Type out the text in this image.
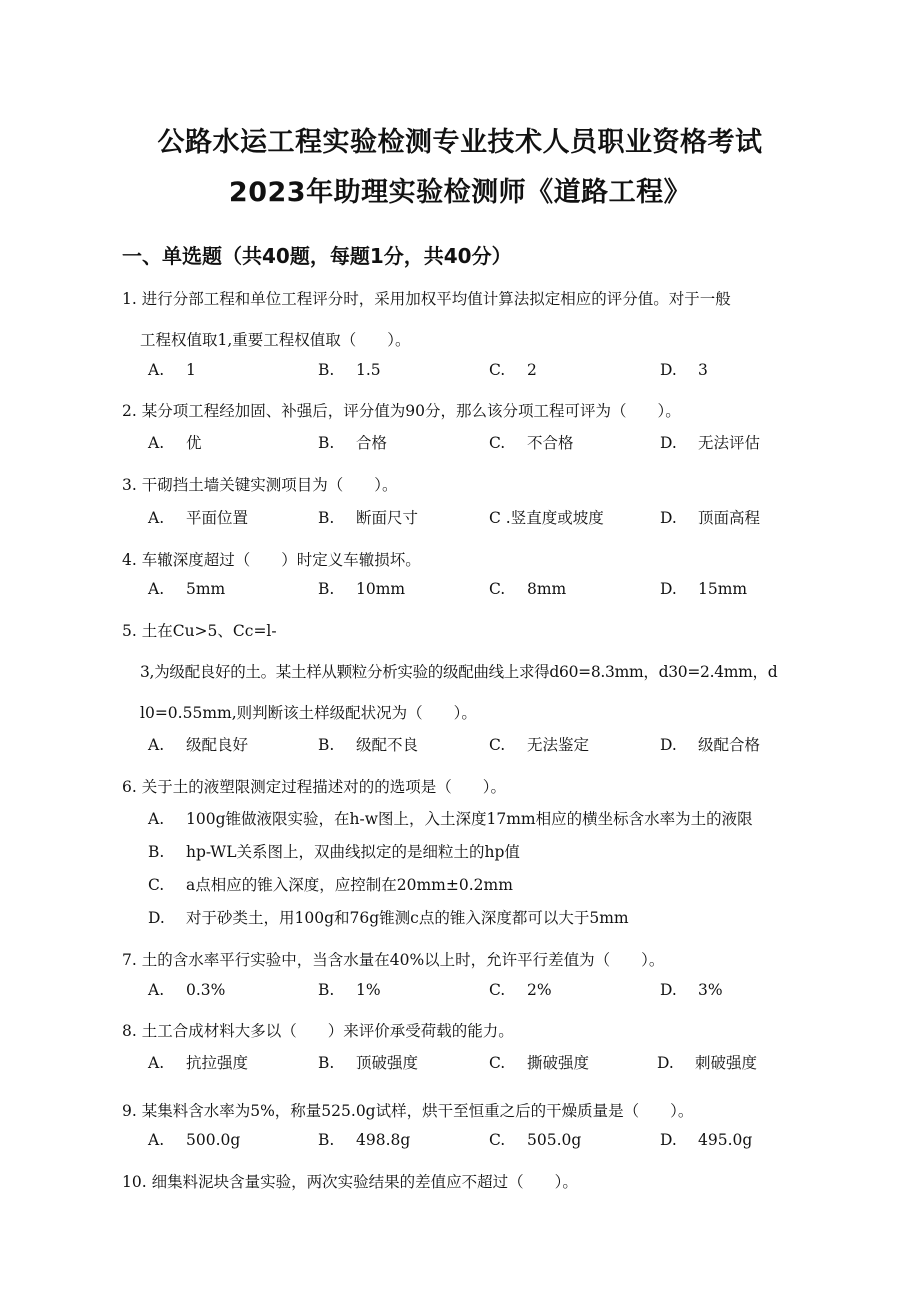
公路水运工程实验检测专业技术人员职业资格考试
2023年助理实验检测师《道路工程》
一、单选题（共40题，每题1分，共40分）
1. 进行分部工程和单位工程评分时，采用加权平均值计算法拟定相应的评分值。对于一般
工程权值取1,重要工程权值取（　　）。
A. 1	B. 1.5	C. 2	D. 3
2. 某分项工程经加固、补强后，评分值为90分，那么该分项工程可评为（　　）。
A. 优	B. 合格	C. 不合格	D. 无法评估
3. 干砌挡土墙关键实测项目为（　　）。
A. 平面位置	B. 断面尺寸	C .竖直度或坡度	D. 顶面高程
4. 车辙深度超过（　　）时定义车辙损坏。
A. 5mm	B. 10mm	C. 8mm	D. 15mm
5. 土在Cu>5、Cc=l-
3,为级配良好的土。某土样从颗粒分析实验的级配曲线上求得d60=8.3mm，d30=2.4mm，d
l0=0.55mm,则判断该土样级配状况为（　　）。
A. 级配良好	B. 级配不良	C. 无法鉴定	D. 级配合格
6. 关于土的液塑限测定过程描述对的的选项是（　　）。
A. 100g锥做液限实验，在h-w图上，入土深度17mm相应的横坐标含水率为土的液限
B. hp-WL关系图上，双曲线拟定的是细粒土的hp值
C. a点相应的锥入深度，应控制在20mm±0.2mm
D. 对于砂类土，用100g和76g锥测c点的锥入深度都可以大于5mm
7. 土的含水率平行实验中，当含水量在40%以上时，允许平行差值为（　　）。
A. 0.3%	B. 1%	C. 2%	D. 3%
8. 土工合成材料大多以（　　）来评价承受荷载的能力。
A. 抗拉强度	B. 顶破强度	C. 撕破强度	D. 刺破强度
9. 某集料含水率为5%，称量525.0g试样，烘干至恒重之后的干燥质量是（　　）。
A. 500.0g	B. 498.8g	C. 505.0g	D. 495.0g
10. 细集料泥块含量实验，两次实验结果的差值应不超过（　　）。
